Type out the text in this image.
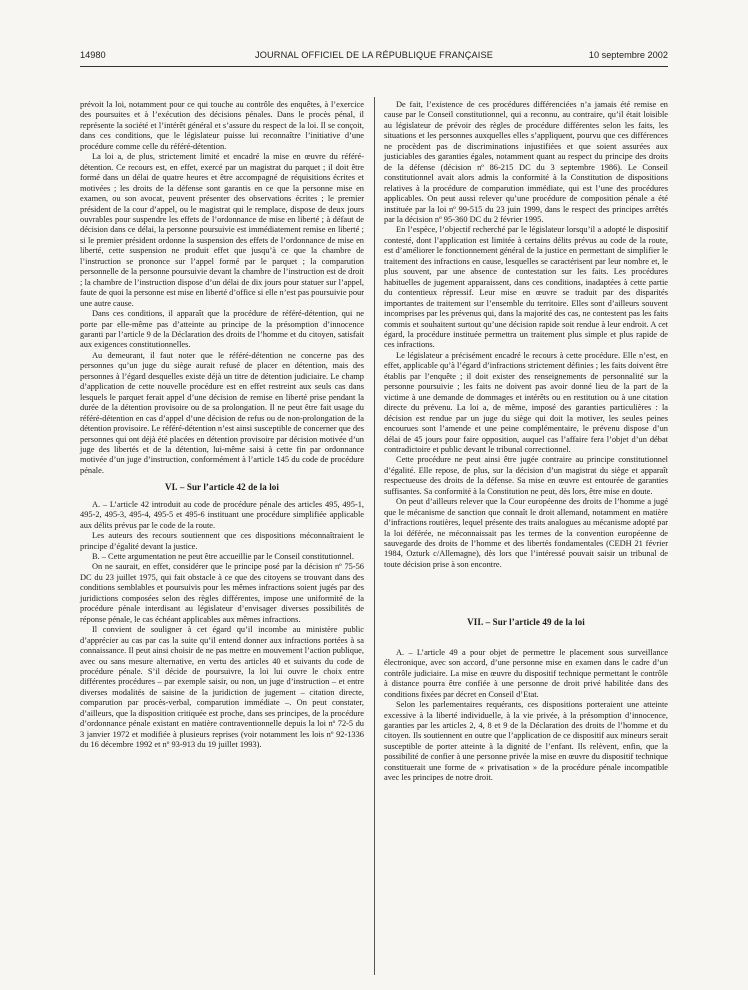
14980	JOURNAL OFFICIEL DE LA RÉPUBLIQUE FRANÇAISE	10 septembre 2002

prévoit la loi, notamment pour ce qui touche au contrôle des enquêtes, à l’exercice des poursuites et à l’exécution des décisions pénales. Dans le procès pénal, il représente la société et l’intérêt général et s’assure du respect de la loi. Il se conçoit, dans ces conditions, que le législateur puisse lui reconnaître l’initiative d’une procédure comme celle du référé-détention.

La loi a, de plus, strictement limité et encadré la mise en œuvre du référé-détention. Ce recours est, en effet, exercé par un magistrat du parquet ; il doit être formé dans un délai de quatre heures et être accompagné de réquisitions écrites et motivées ; les droits de la défense sont garantis en ce que la personne mise en examen, ou son avocat, peuvent présenter des observations écrites ; le premier président de la cour d’appel, ou le magistrat qui le remplace, dispose de deux jours ouvrables pour suspendre les effets de l’ordonnance de mise en liberté ; à défaut de décision dans ce délai, la personne poursuivie est immédiatement remise en liberté ; si le premier président ordonne la suspension des effets de l’ordonnance de mise en liberté, cette suspension ne produit effet que jusqu’à ce que la chambre de l’instruction se prononce sur l’appel formé par le parquet ; la comparution personnelle de la personne poursuivie devant la chambre de l’instruction est de droit ; la chambre de l’instruction dispose d’un délai de dix jours pour statuer sur l’appel, faute de quoi la personne est mise en liberté d’office si elle n’est pas poursuivie pour une autre cause.

Dans ces conditions, il apparaît que la procédure de référé-détention, qui ne porte par elle-même pas d’atteinte au principe de la présomption d’innocence garanti par l’article 9 de la Déclaration des droits de l’homme et du citoyen, satisfait aux exigences constitutionnelles.

Au demeurant, il faut noter que le référé-détention ne concerne pas des personnes qu’un juge du siège aurait refusé de placer en détention, mais des personnes à l’égard desquelles existe déjà un titre de détention judiciaire. Le champ d’application de cette nouvelle procédure est en effet restreint aux seuls cas dans lesquels le parquet ferait appel d’une décision de remise en liberté prise pendant la durée de la détention provisoire ou de sa prolongation. Il ne peut être fait usage du référé-détention en cas d’appel d’une décision de refus ou de non-prolongation de la détention provisoire. Le référé-détention n’est ainsi susceptible de concerner que des personnes qui ont déjà été placées en détention provisoire par décision motivée d’un juge des libertés et de la détention, lui-même saisi à cette fin par ordonnance motivée d’un juge d’instruction, conformément à l’article 145 du code de procédure pénale.

VI. – Sur l’article 42 de la loi

A. – L’article 42 introduit au code de procédure pénale des articles 495, 495-1, 495-2, 495-3, 495-4, 495-5 et 495-6 instituant une procédure simplifiée applicable aux délits prévus par le code de la route.

Les auteurs des recours soutiennent que ces dispositions méconnaîtraient le principe d’égalité devant la justice.

B. – Cette argumentation ne peut être accueillie par le Conseil constitutionnel.

On ne saurait, en effet, considérer que le principe posé par la décision nº 75-56 DC du 23 juillet 1975, qui fait obstacle à ce que des citoyens se trouvant dans des conditions semblables et poursuivis pour les mêmes infractions soient jugés par des juridictions composées selon des règles différentes, impose une uniformité de la procédure pénale interdisant au législateur d’envisager diverses possibilités de réponse pénale, le cas échéant applicables aux mêmes infractions.

Il convient de souligner à cet égard qu’il incombe au ministère public d’apprécier au cas par cas la suite qu’il entend donner aux infractions portées à sa connaissance. Il peut ainsi choisir de ne pas mettre en mouvement l’action publique, avec ou sans mesure alternative, en vertu des articles 40 et suivants du code de procédure pénale. S’il décide de poursuivre, la loi lui ouvre le choix entre différentes procédures – par exemple saisir, ou non, un juge d’instruction – et entre diverses modalités de saisine de la juridiction de jugement – citation directe, comparution par procès-verbal, comparution immédiate –. On peut constater, d’ailleurs, que la disposition critiquée est proche, dans ses principes, de la procédure d’ordonnance pénale existant en matière contraventionnelle depuis la loi nº 72-5 du 3 janvier 1972 et modifiée à plusieurs reprises (voir notamment les lois nº 92-1336 du 16 décembre 1992 et nº 93-913 du 19 juillet 1993).

De fait, l’existence de ces procédures différenciées n’a jamais été remise en cause par le Conseil constitutionnel, qui a reconnu, au contraire, qu’il était loisible au législateur de prévoir des règles de procédure différentes selon les faits, les situations et les personnes auxquelles elles s’appliquent, pourvu que ces différences ne procèdent pas de discriminations injustifiées et que soient assurées aux justiciables des garanties égales, notamment quant au respect du principe des droits de la défense (décision nº 86-215 DC du 3 septembre 1986). Le Conseil constitutionnel avait alors admis la conformité à la Constitution de dispositions relatives à la procédure de comparution immédiate, qui est l’une des procédures applicables. On peut aussi relever qu’une procédure de composition pénale a été instituée par la loi nº 99-515 du 23 juin 1999, dans le respect des principes arrêtés par la décision nº 95-360 DC du 2 février 1995.

En l’espèce, l’objectif recherché par le législateur lorsqu’il a adopté le dispositif contesté, dont l’application est limitée à certains délits prévus au code de la route, est d’améliorer le fonctionnement général de la justice en permettant de simplifier le traitement des infractions en cause, lesquelles se caractérisent par leur nombre et, le plus souvent, par une absence de contestation sur les faits. Les procédures habituelles de jugement apparaissent, dans ces conditions, inadaptées à cette partie du contentieux répressif. Leur mise en œuvre se traduit par des disparités importantes de traitement sur l’ensemble du territoire. Elles sont d’ailleurs souvent incomprises par les prévenus qui, dans la majorité des cas, ne contestent pas les faits commis et souhaitent surtout qu’une décision rapide soit rendue à leur endroit. A cet égard, la procédure instituée permettra un traitement plus simple et plus rapide de ces infractions.

Le législateur a précisément encadré le recours à cette procédure. Elle n’est, en effet, applicable qu’à l’égard d’infractions strictement définies ; les faits doivent être établis par l’enquête ; il doit exister des renseignements de personnalité sur la personne poursuivie ; les faits ne doivent pas avoir donné lieu de la part de la victime à une demande de dommages et intérêts ou en restitution ou à une citation directe du prévenu. La loi a, de même, imposé des garanties particulières : la décision est rendue par un juge du siège qui doit la motiver, les seules peines encourues sont l’amende et une peine complémentaire, le prévenu dispose d’un délai de 45 jours pour faire opposition, auquel cas l’affaire fera l’objet d’un débat contradictoire et public devant le tribunal correctionnel.

Cette procédure ne peut ainsi être jugée contraire au principe constitutionnel d’égalité. Elle repose, de plus, sur la décision d’un magistrat du siège et apparaît respectueuse des droits de la défense. Sa mise en œuvre est entourée de garanties suffisantes. Sa conformité à la Constitution ne peut, dès lors, être mise en doute.

On peut d’ailleurs relever que la Cour européenne des droits de l’homme a jugé que le mécanisme de sanction que connaît le droit allemand, notamment en matière d’infractions routières, lequel présente des traits analogues au mécanisme adopté par la loi déférée, ne méconnaissait pas les termes de la convention européenne de sauvegarde des droits de l’homme et des libertés fondamentales (CEDH 21 février 1984, Ozturk c/Allemagne), dès lors que l’intéressé pouvait saisir un tribunal de toute décision prise à son encontre.

VII. – Sur l’article 49 de la loi

A. – L’article 49 a pour objet de permettre le placement sous surveillance électronique, avec son accord, d’une personne mise en examen dans le cadre d’un contrôle judiciaire. La mise en œuvre du dispositif technique permettant le contrôle à distance pourra être confiée à une personne de droit privé habilitée dans des conditions fixées par décret en Conseil d’Etat.

Selon les parlementaires requérants, ces dispositions porteraient une atteinte excessive à la liberté individuelle, à la vie privée, à la présomption d’innocence, garanties par les articles 2, 4, 8 et 9 de la Déclaration des droits de l’homme et du citoyen. Ils soutiennent en outre que l’application de ce dispositif aux mineurs serait susceptible de porter atteinte à la dignité de l’enfant. Ils relèvent, enfin, que la possibilité de confier à une personne privée la mise en œuvre du dispositif technique constituerait une forme de « privatisation » de la procédure pénale incompatible avec les principes de notre droit.
